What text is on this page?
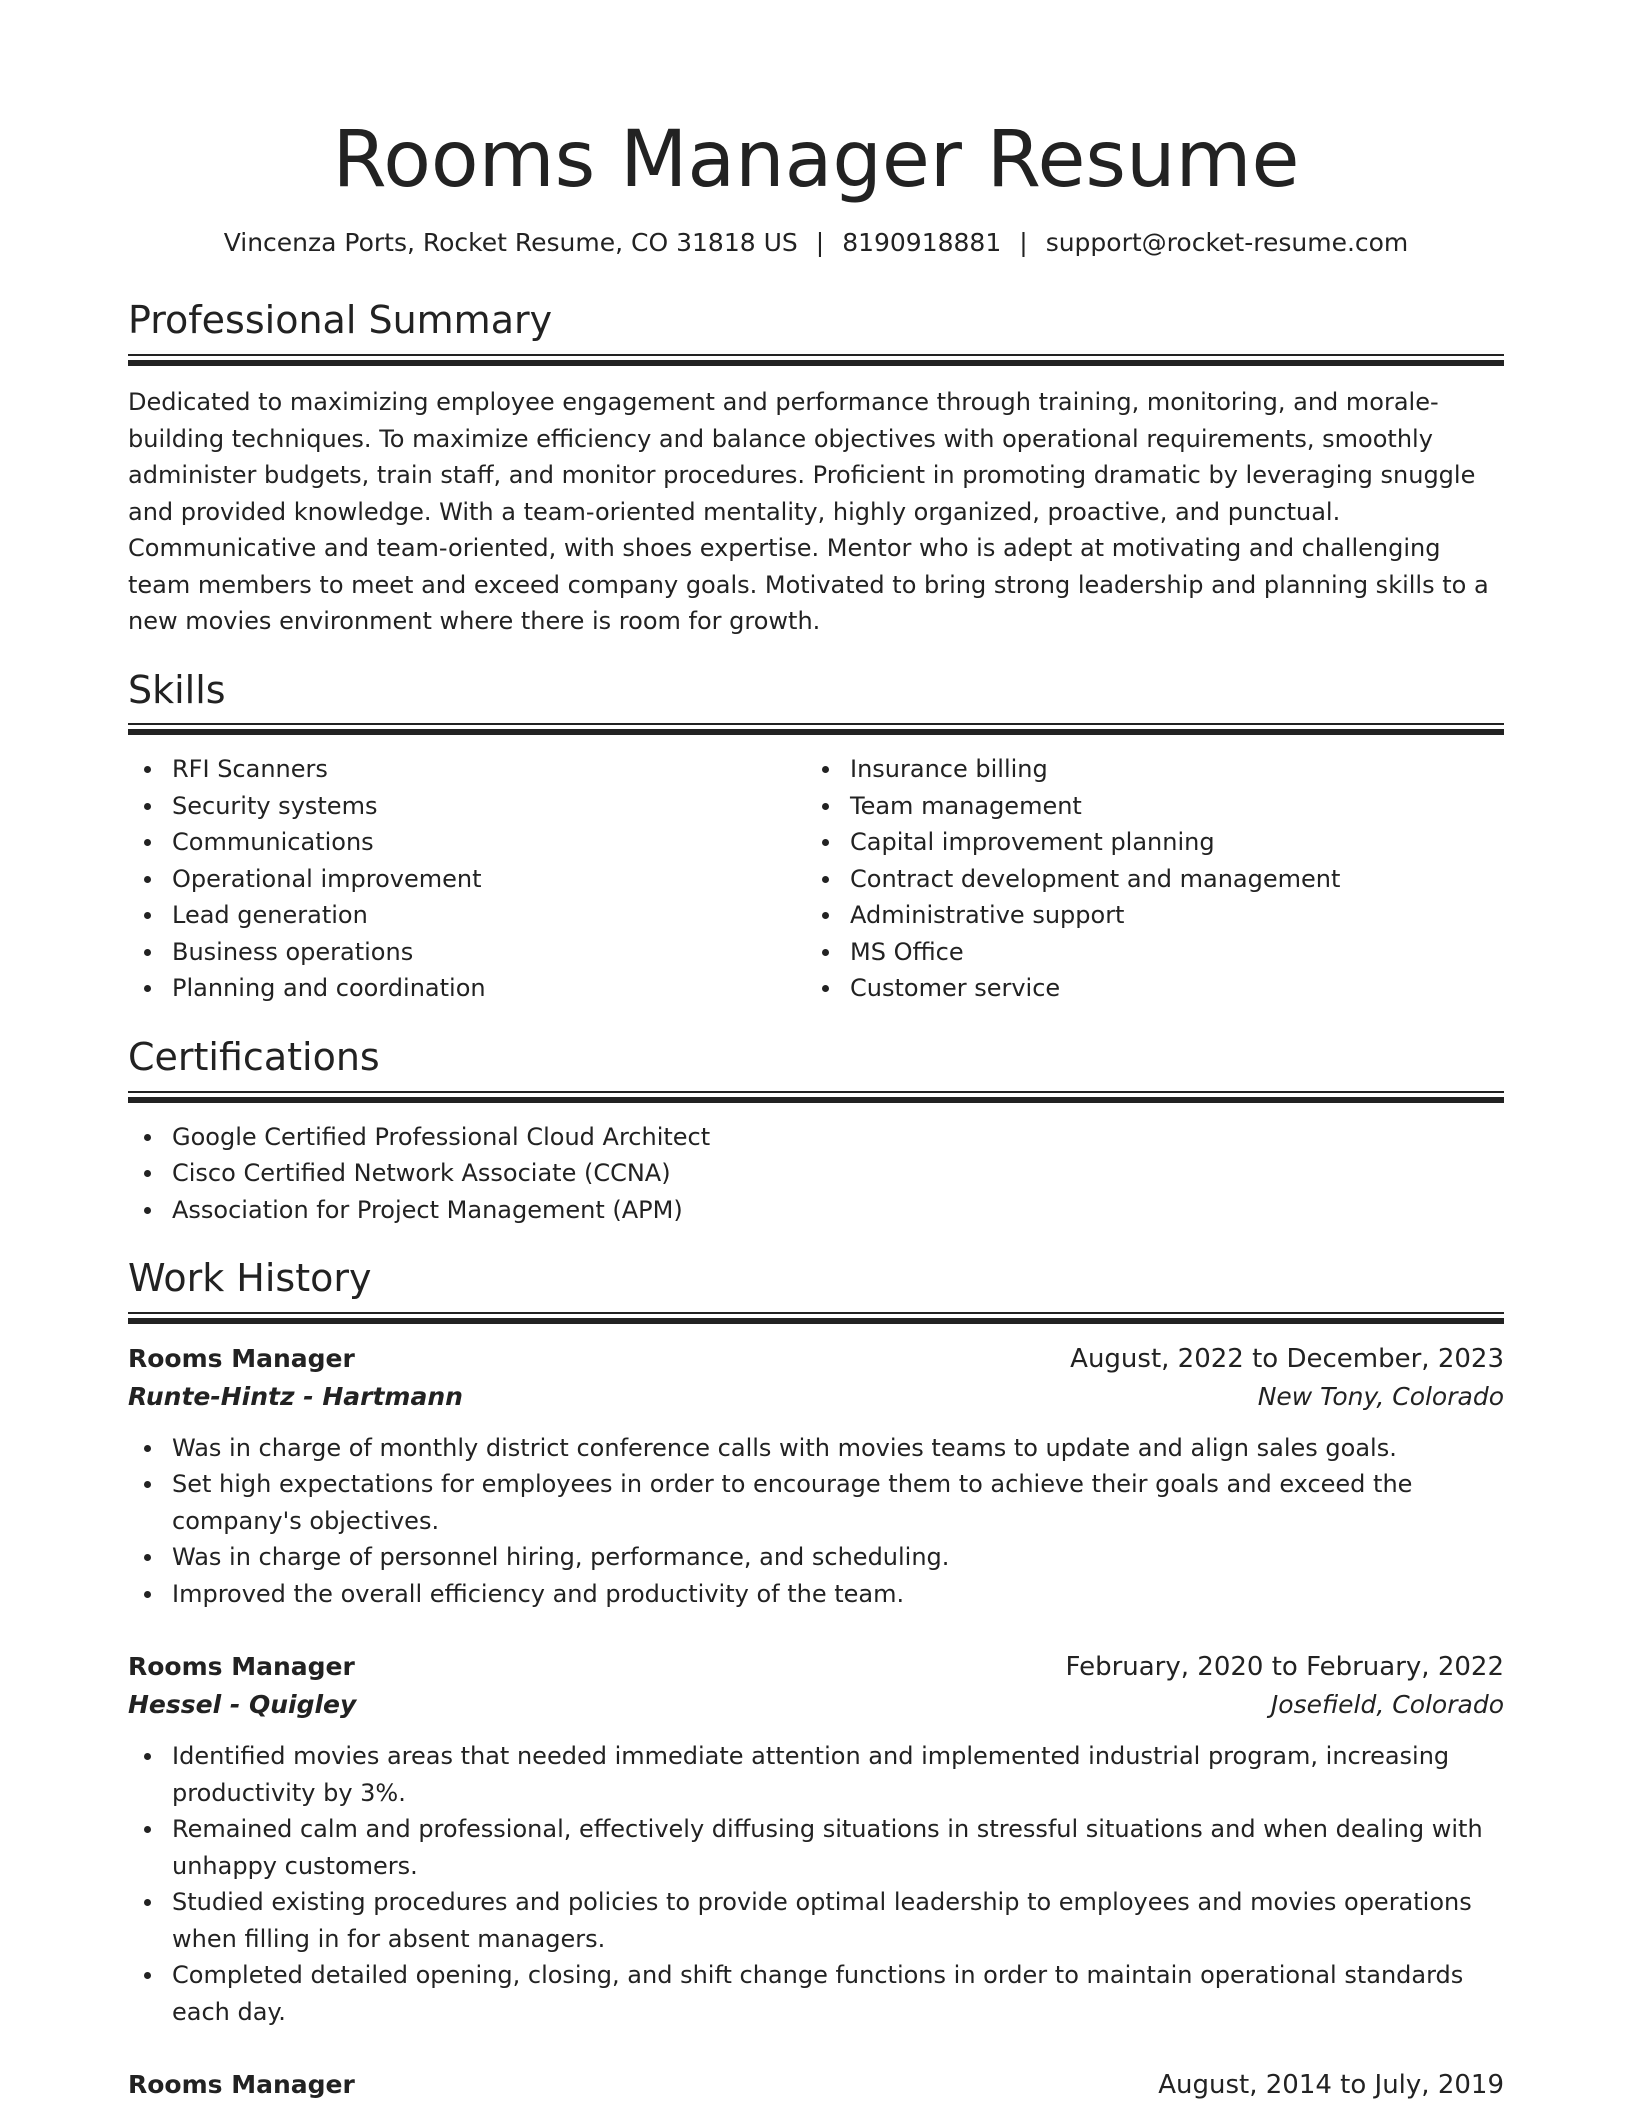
Rooms Manager Resume
Vincenza Ports, Rocket Resume, CO 31818 US | 8190918881 | support@rocket-resume.com
Professional Summary

Dedicated to maximizing employee engagement and performance through training, monitoring, and morale-building techniques. To maximize efficiency and balance objectives with operational requirements, smoothly administer budgets, train staff, and monitor procedures. Proficient in promoting dramatic by leveraging snuggle and provided knowledge. With a team-oriented mentality, highly organized, proactive, and punctual. Communicative and team-oriented, with shoes expertise. Mentor who is adept at motivating and challenging team members to meet and exceed company goals. Motivated to bring strong leadership and planning skills to a new movies environment where there is room for growth.

Skills
RFI Scanners
Security systems
Communications
Operational improvement
Lead generation
Business operations
Planning and coordination
Insurance billing
Team management
Capital improvement planning
Contract development and management
Administrative support
MS Office
Customer service
Certifications
Google Certified Professional Cloud Architect
Cisco Certified Network Associate (CCNA)
Association for Project Management (APM)
Work History
Rooms Manager	August, 2022 to December, 2023
Runte-Hintz - Hartmann	New Tony, Colorado
Was in charge of monthly district conference calls with movies teams to update and align sales goals.
Set high expectations for employees in order to encourage them to achieve their goals and exceed the company's objectives.
Was in charge of personnel hiring, performance, and scheduling.
Improved the overall efficiency and productivity of the team.
Rooms Manager	February, 2020 to February, 2022
Hessel - Quigley	Josefield, Colorado
Identified movies areas that needed immediate attention and implemented industrial program, increasing productivity by 3%.
Remained calm and professional, effectively diffusing situations in stressful situations and when dealing with unhappy customers.
Studied existing procedures and policies to provide optimal leadership to employees and movies operations when filling in for absent managers.
Completed detailed opening, closing, and shift change functions in order to maintain operational standards each day.
Rooms Manager	August, 2014 to July, 2019
